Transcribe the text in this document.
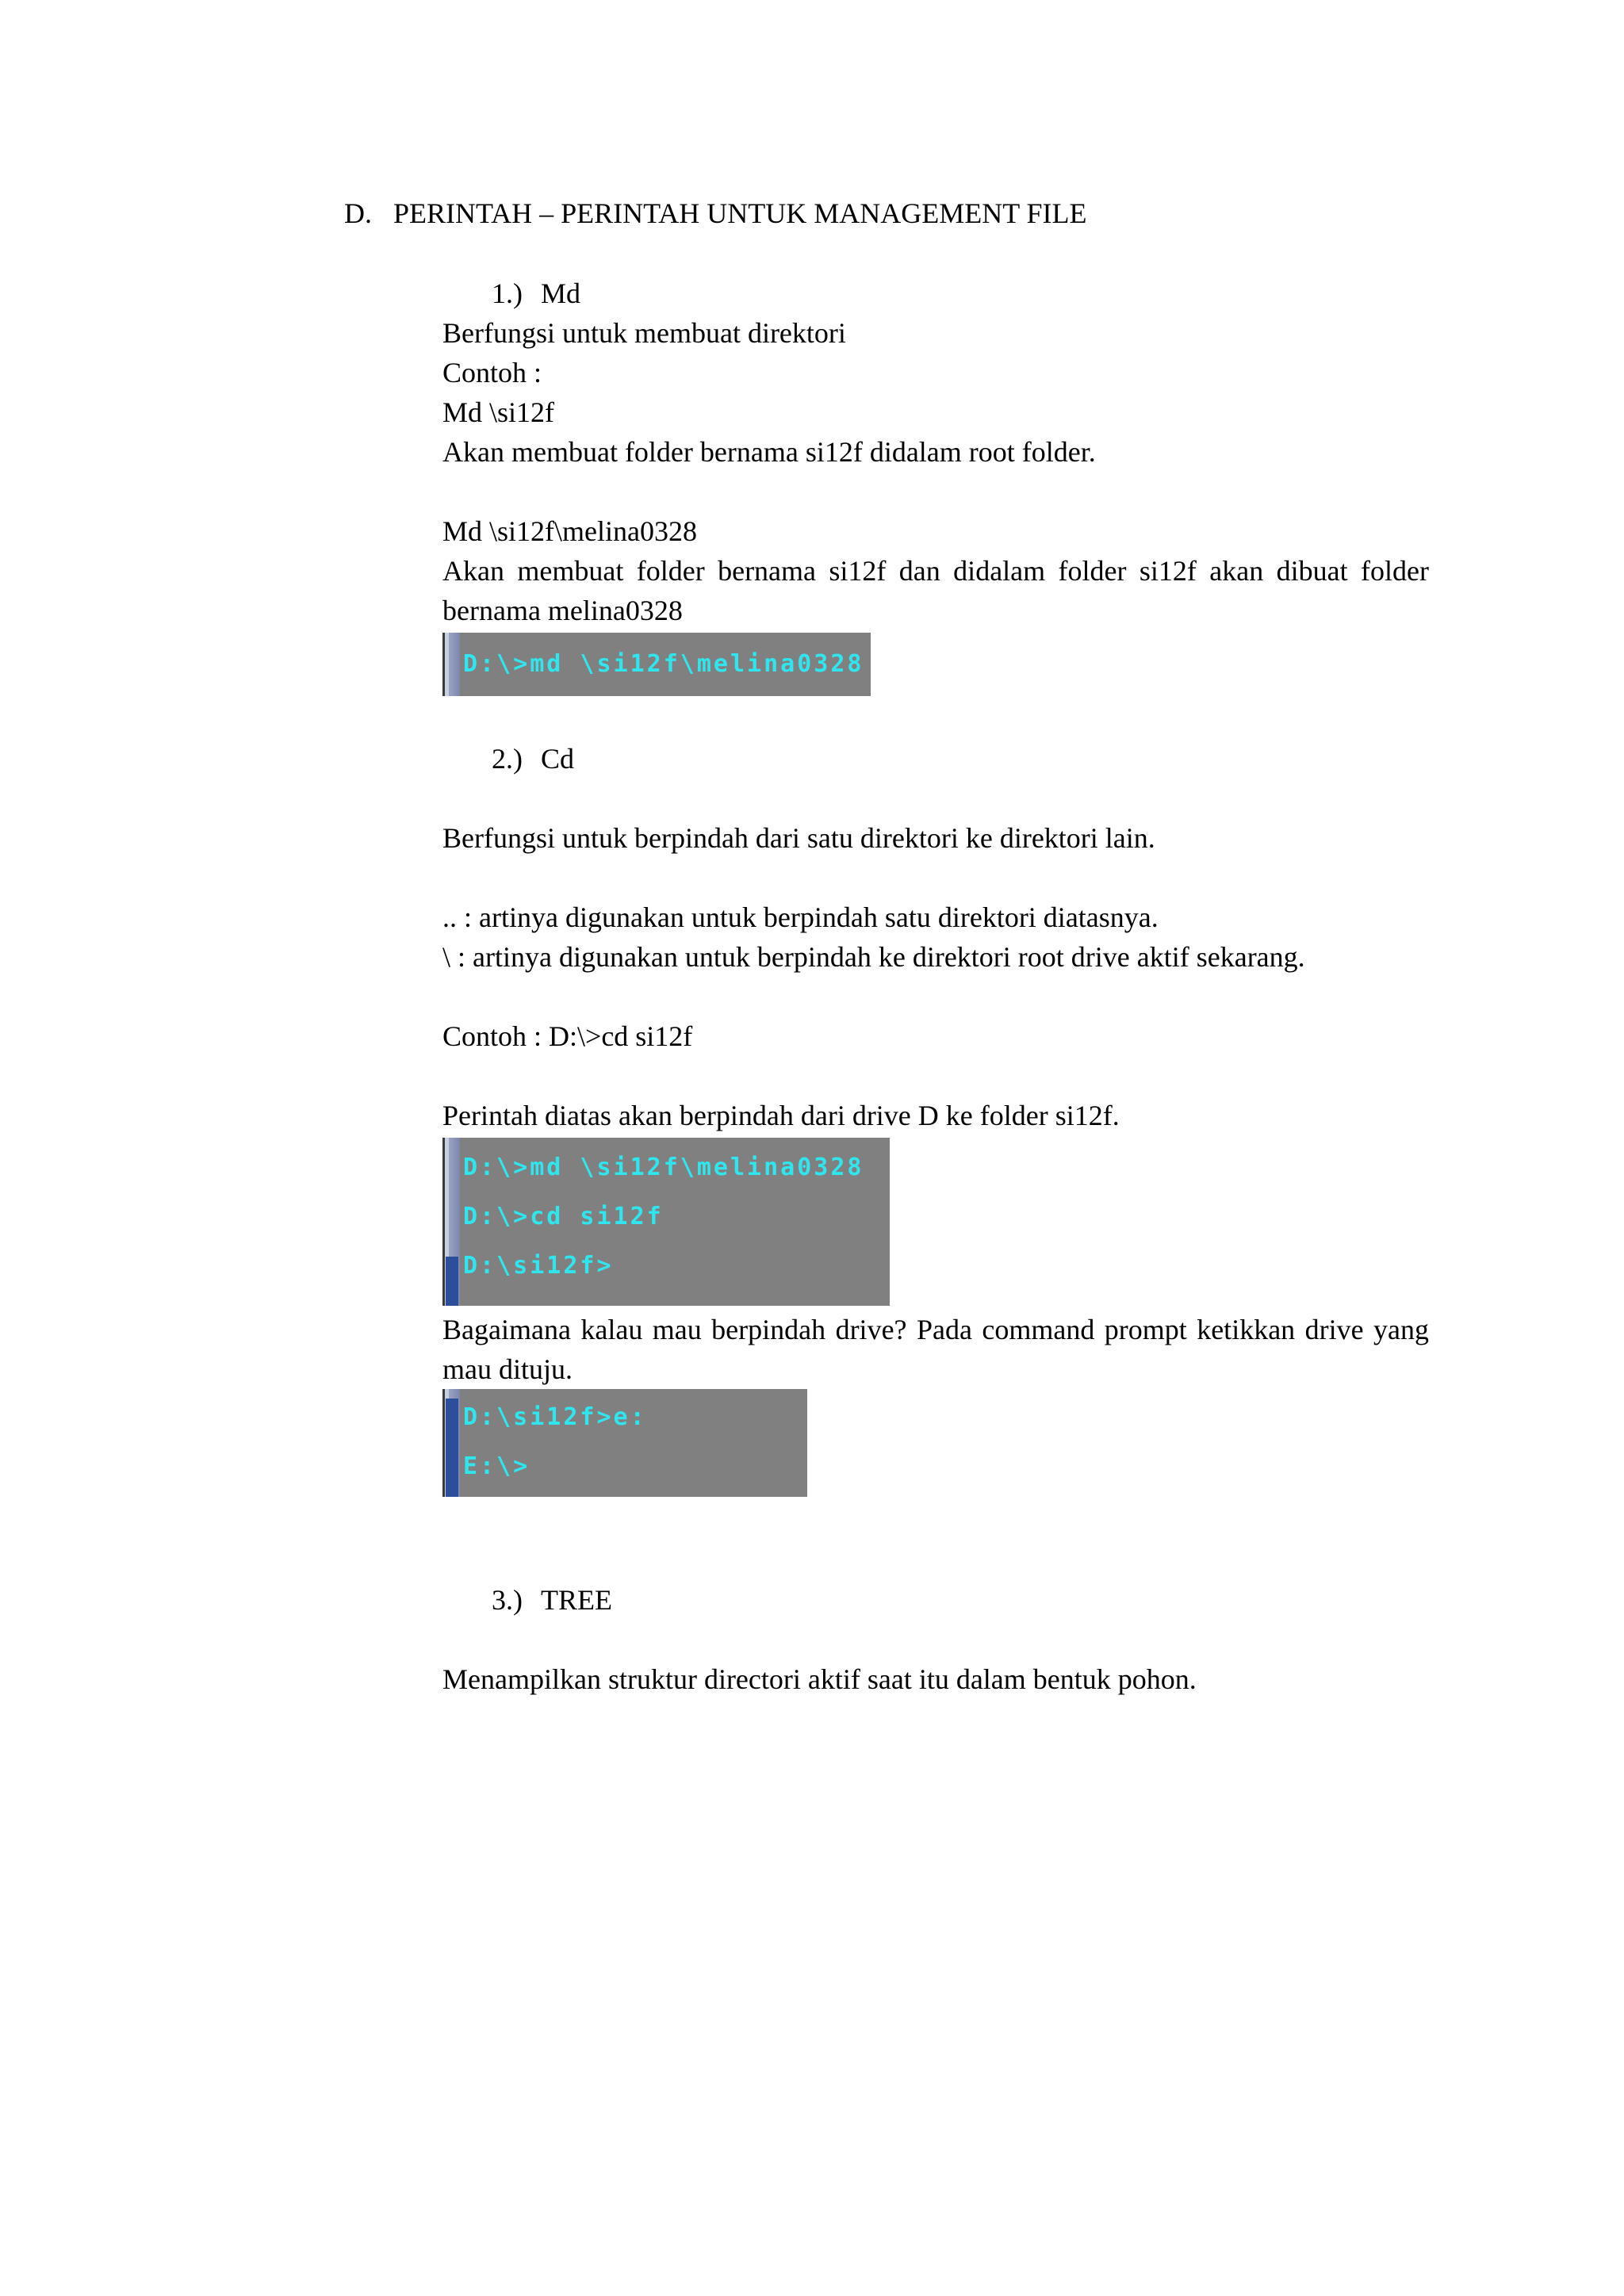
D. PERINTAH – PERINTAH UNTUK MANAGEMENT FILE
1.) Md

Berfungsi untuk membuat direktori

Contoh :

Md \si12f

Akan membuat folder bernama si12f didalam root folder.

Md \si12f\melina0328

Akan membuat folder bernama si12f dan didalam folder si12f akan dibuat folder bernama melina0328

D:\>md \si12f\melina0328
2.) Cd

Berfungsi untuk berpindah dari satu direktori ke direktori lain.

.. : artinya digunakan untuk berpindah satu direktori diatasnya.

\ : artinya digunakan untuk berpindah ke direktori root drive aktif sekarang.

Contoh : D:\>cd si12f

Perintah diatas akan berpindah dari drive D ke folder si12f.

D:\>md \si12f\melina0328
D:\>cd si12f
D:\si12f>

Bagaimana kalau mau berpindah drive? Pada command prompt ketikkan drive yang mau dituju.

D:\si12f>e:
E:\>
3.) TREE

Menampilkan struktur directori aktif saat itu dalam bentuk pohon.
